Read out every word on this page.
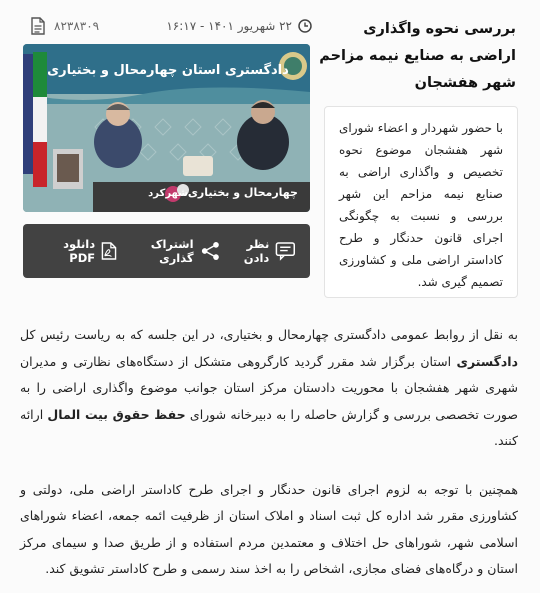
بررسی نحوه واگذاری اراضی به صنایع نیمه مزاحم شهر هفشجان
۸۲۳۸۳۰۹	۲۲ شهریور ۱۴۰۱ - ۱۶:۱۷
دادگستری استان چهارمحال و بختیاری
چهارمحال و بختیاری
شهرکرد
نظر دادن
اشتراک گذاری
دانلود PDF
با حضور شهردار و اعضاء شورای شهر هفشجان موضوع نحوه تخصیص و واگذاری اراضی به صنایع نیمه مزاحم این شهر بررسی و نسبت به چگونگی اجرای قانون حدنگار و طرح کاداستر اراضی ملی و کشاورزی تصمیم گیری شد.

به نقل از روابط عمومی دادگستری چهارمحال و بختیاری، در این جلسه که به ریاست رئیس کل دادگستری استان برگزار شد مقرر گردید کارگروهی متشکل از دستگاه‌های نظارتی و مدیران شهری شهر هفشجان با محوریت دادستان مرکز استان جوانب موضوع واگذاری اراضی را به صورت تخصصی بررسی و گزارش حاصله را به دبیرخانه شورای حفظ حقوق بیت المال ارائه کنند.

همچنین با توجه به لزوم اجرای قانون حدنگار و اجرای طرح کاداستر اراضی ملی، دولتی و کشاورزی مقرر شد اداره کل ثبت اسناد و املاک استان از ظرفیت ائمه جمعه، اعضاء شوراهای اسلامی شهر، شوراهای حل اختلاف و معتمدین مردم استفاده و از طریق صدا و سیمای مرکز استان و درگاه‌های فضای مجازی، اشخاص را به اخذ سند رسمی و طرح کاداستر تشویق کند.
